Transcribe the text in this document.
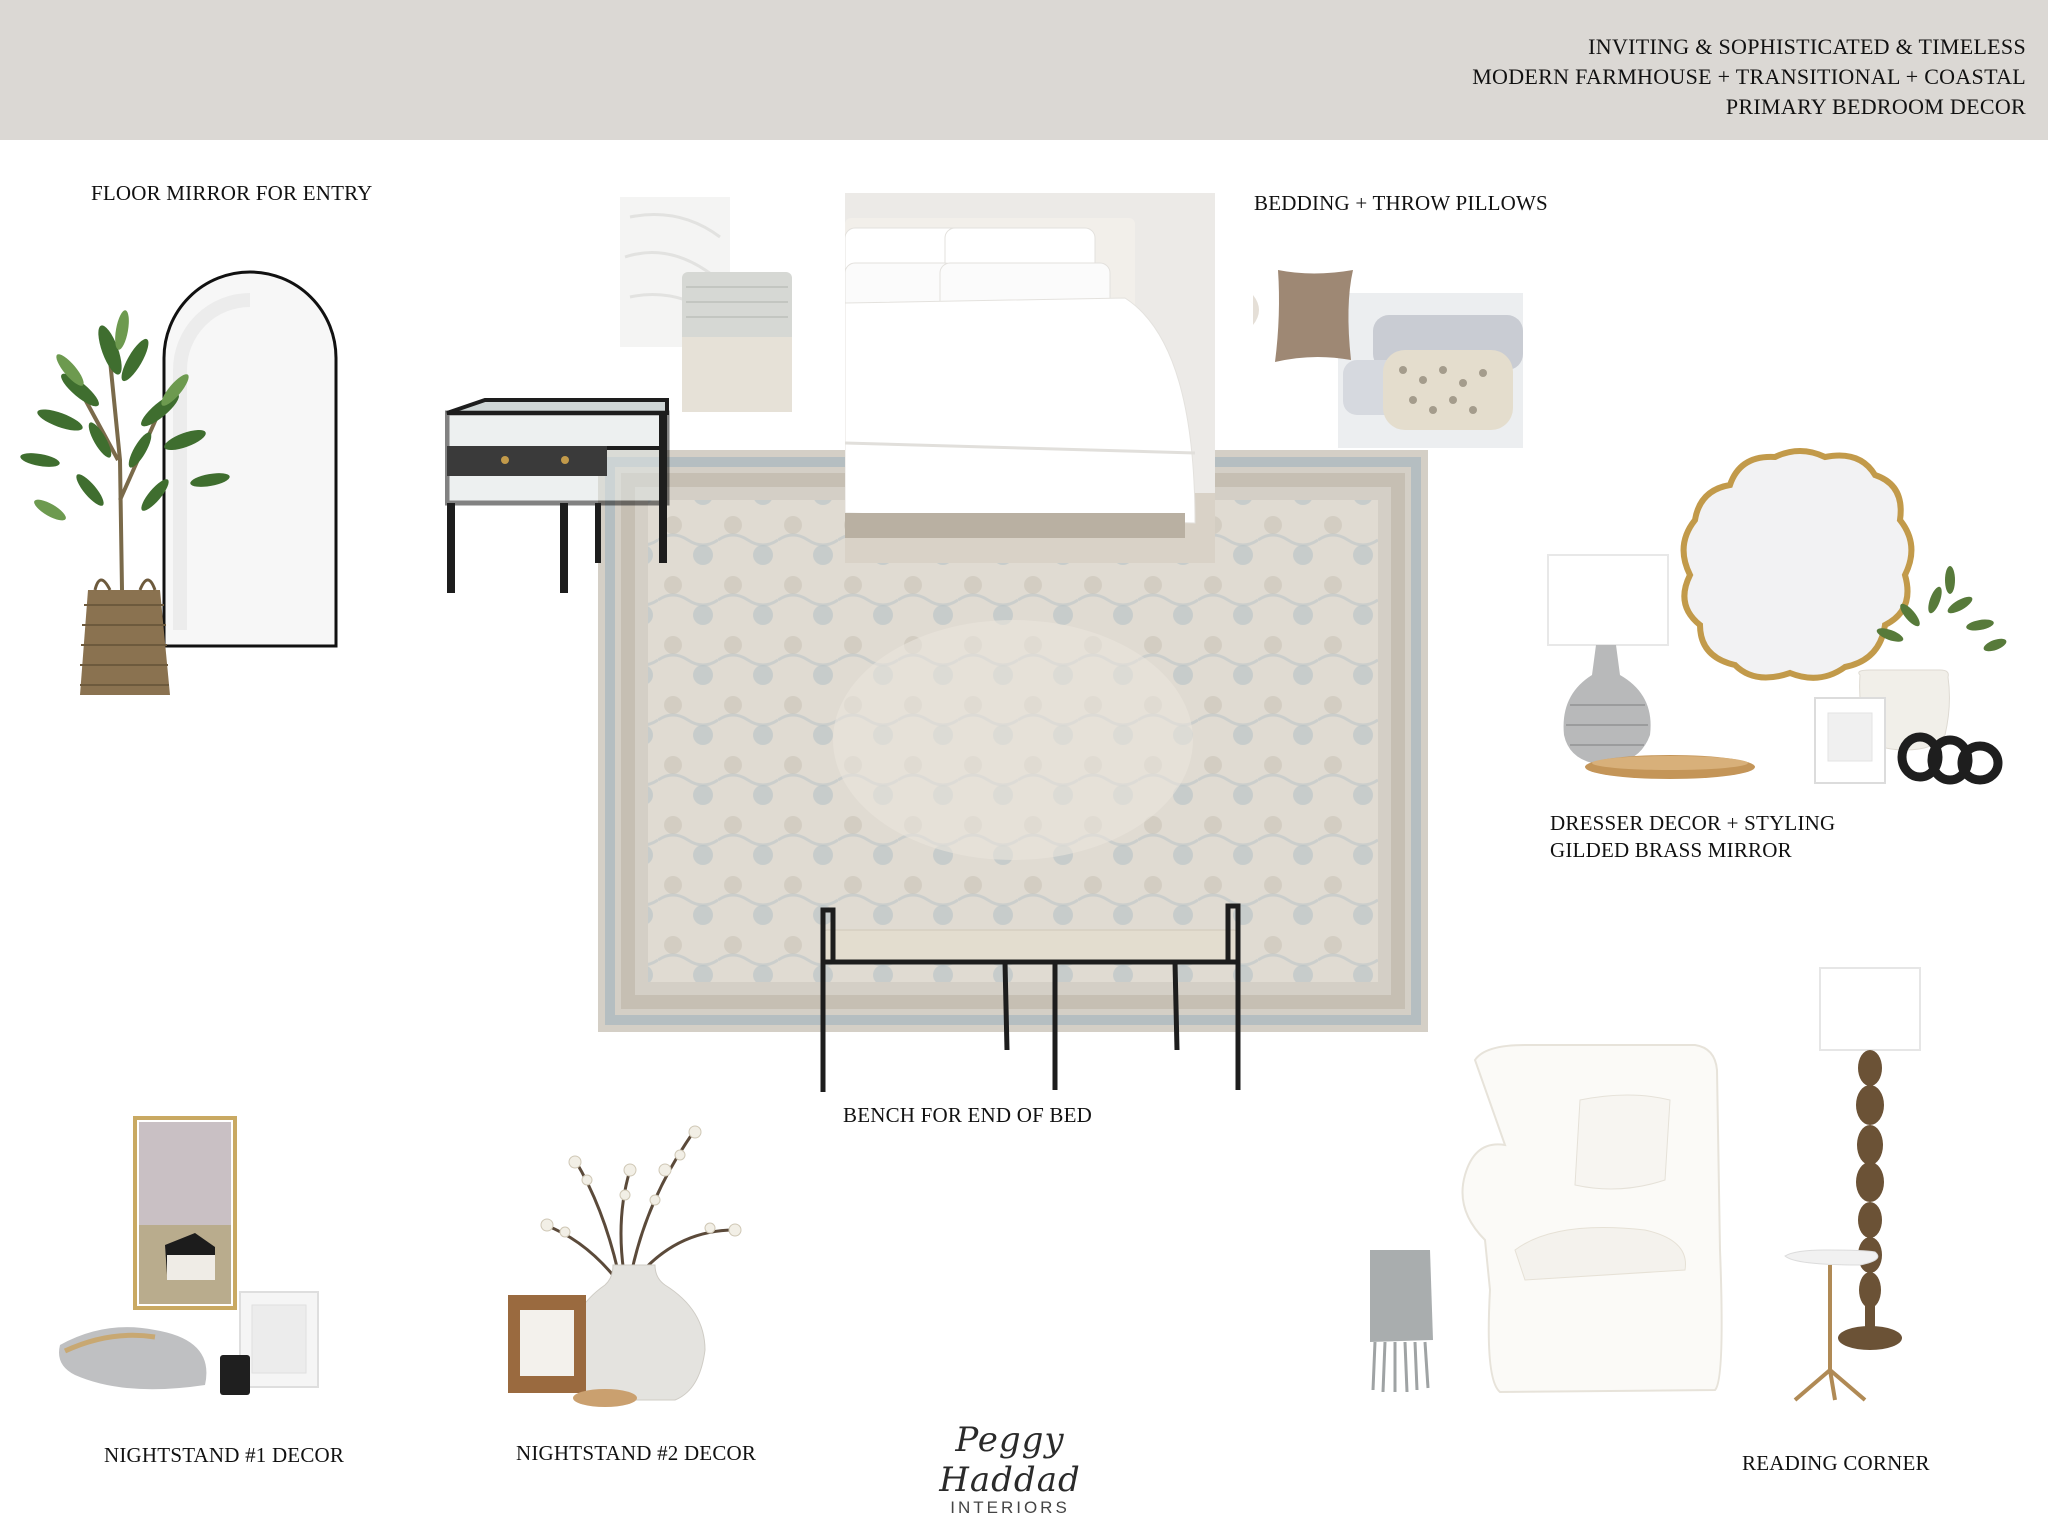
INVITING & SOPHISTICATED & TIMELESS
MODERN FARMHOUSE + TRANSITIONAL + COASTAL
PRIMARY BEDROOM DECOR
FLOOR MIRROR FOR ENTRY	BEDDING + THROW PILLOWS
DRESSER DECOR + STYLING
GILDED BRASS MIRROR
BENCH FOR END OF BED
NIGHTSTAND #1 DECOR	NIGHTSTAND #2 DECOR	READING CORNER
Peggy Haddad
INTERIORS
